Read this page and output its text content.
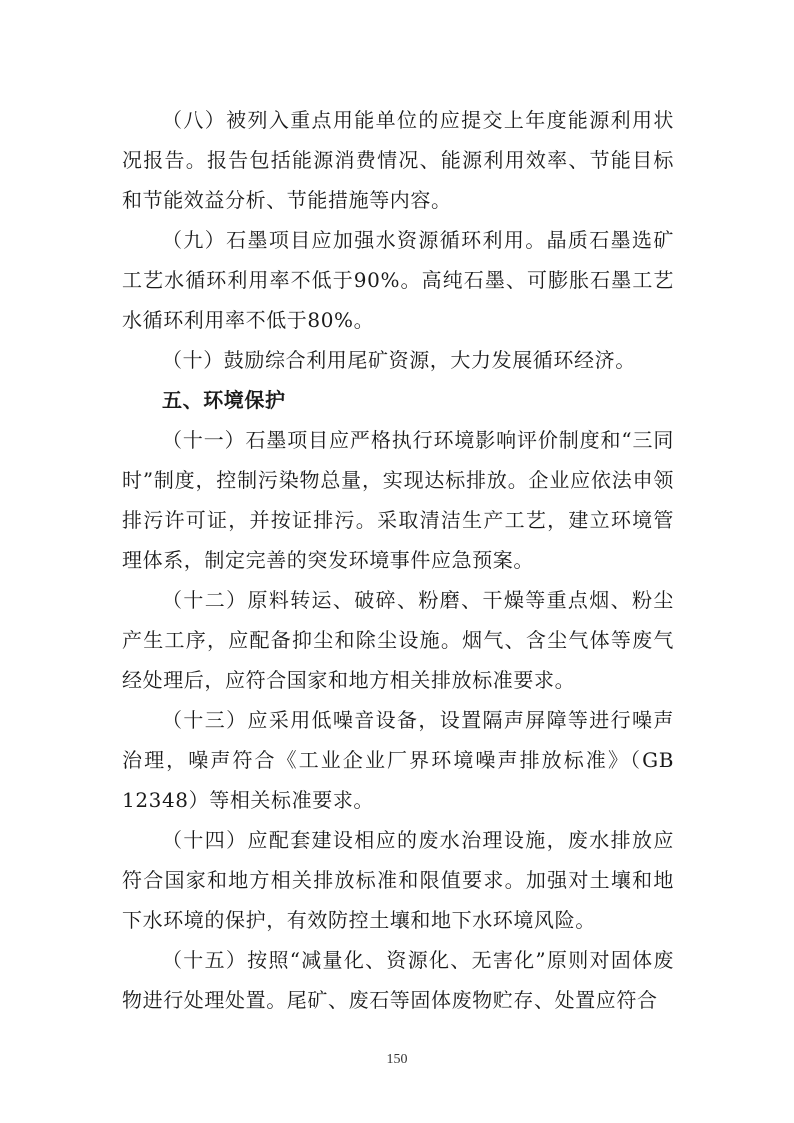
（八）被列入重点用能单位的应提交上年度能源利用状况报告。报告包括能源消费情况、能源利用效率、节能目标和节能效益分析、节能措施等内容。

（九）石墨项目应加强水资源循环利用。晶质石墨选矿工艺水循环利用率不低于90%。高纯石墨、可膨胀石墨工艺水循环利用率不低于80%。

（十）鼓励综合利用尾矿资源，大力发展循环经济。

五、环境保护

（十一）石墨项目应严格执行环境影响评价制度和“三同时”制度，控制污染物总量，实现达标排放。企业应依法申领排污许可证，并按证排污。采取清洁生产工艺，建立环境管理体系，制定完善的突发环境事件应急预案。

（十二）原料转运、破碎、粉磨、干燥等重点烟、粉尘产生工序，应配备抑尘和除尘设施。烟气、含尘气体等废气经处理后，应符合国家和地方相关排放标准要求。

（十三）应采用低噪音设备，设置隔声屏障等进行噪声治理，噪声符合《工业企业厂界环境噪声排放标准》（GB 12348）等相关标准要求。

（十四）应配套建设相应的废水治理设施，废水排放应符合国家和地方相关排放标准和限值要求。加强对土壤和地下水环境的保护，有效防控土壤和地下水环境风险。

（十五）按照“减量化、资源化、无害化”原则对固体废物进行处理处置。尾矿、废石等固体废物贮存、处置应符合

150
